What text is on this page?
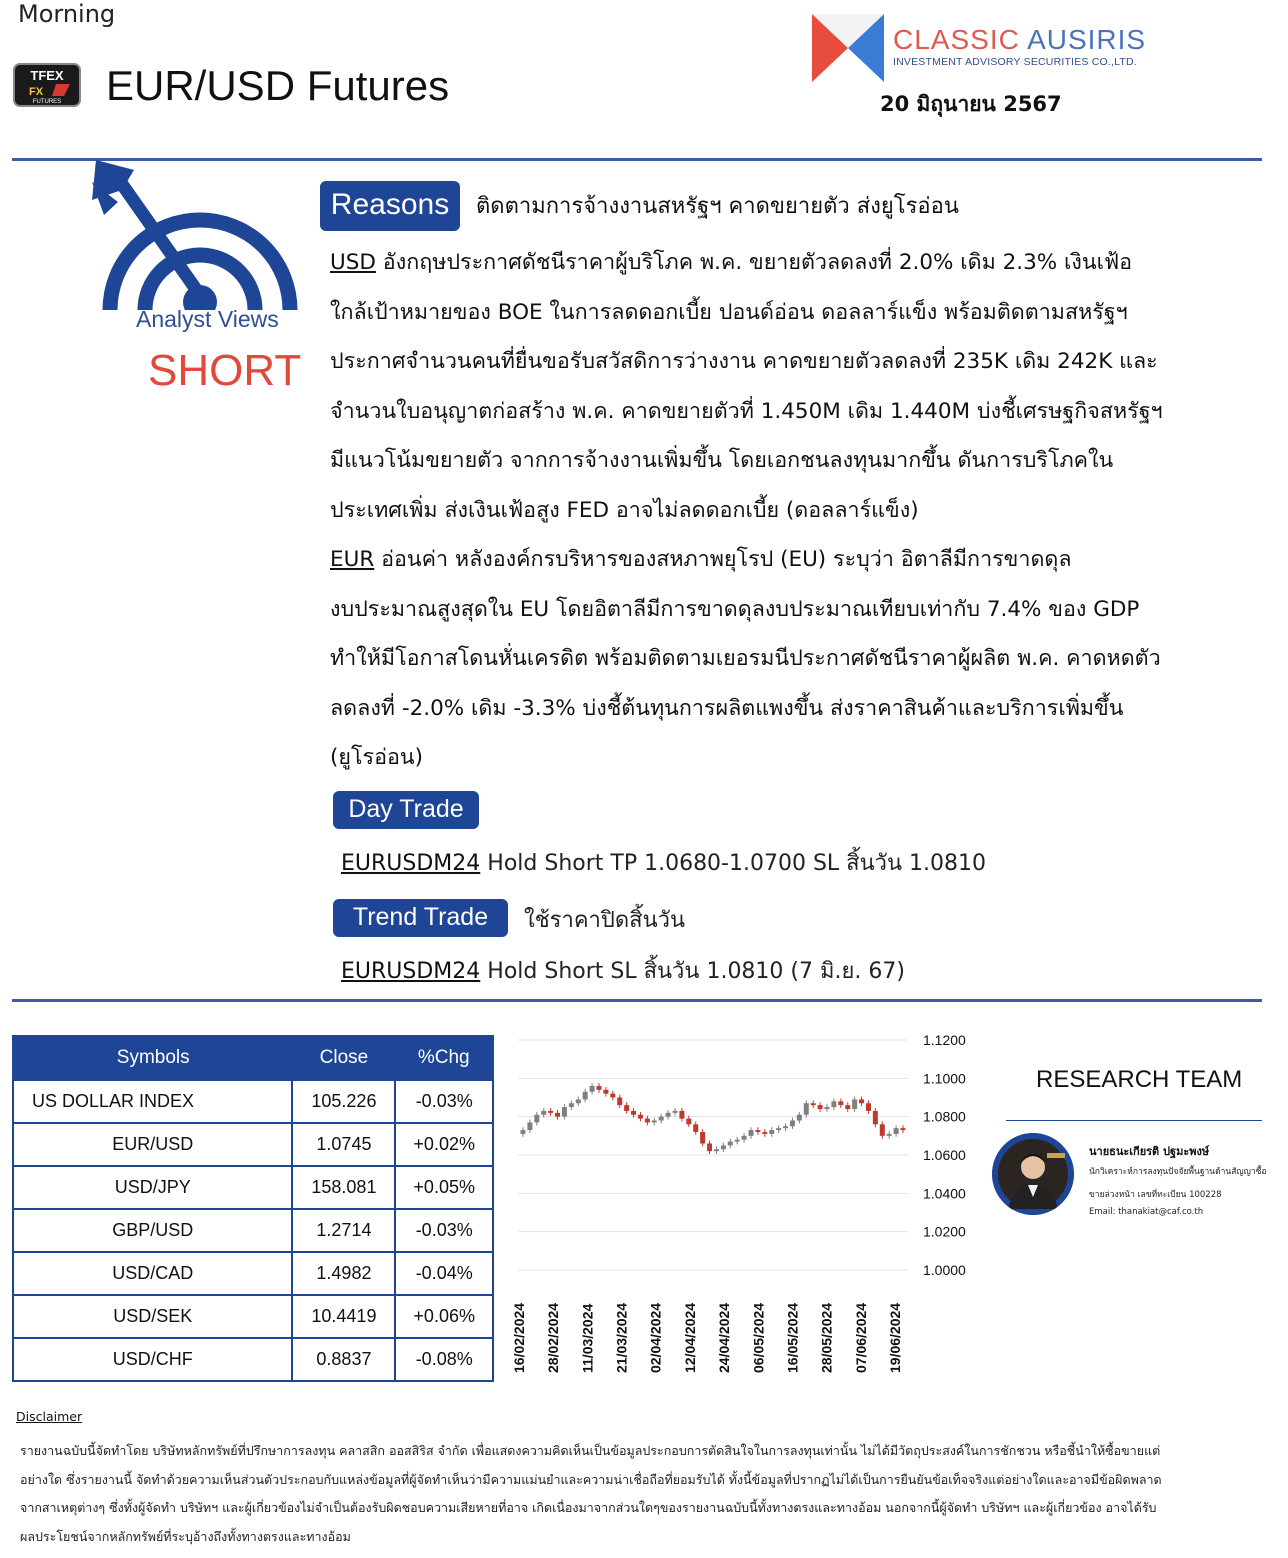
Morning
TFEX
FX
FUTURES EUR/USD Futures
CLASSIC AUSIRIS
INVESTMENT ADVISORY SECURITIES CO.,LTD.
20 มิถุนายน 2567
Analyst Views
SHORT
Reasons	ติดตามการจ้างงานสหรัฐฯ คาดขยายตัว ส่งยูโรอ่อน

USD อังกฤษประกาศดัชนีราคาผู้บริโภค พ.ค. ขยายตัวลดลงที่ 2.0% เดิม 2.3% เงินเฟ้อ

ใกล้เป้าหมายของ BOE ในการลดดอกเบี้ย ปอนด์อ่อน ดอลลาร์แข็ง พร้อมติดตามสหรัฐฯ

ประกาศจำนวนคนที่ยื่นขอรับสวัสดิการว่างงาน คาดขยายตัวลดลงที่ 235K เดิม 242K และ

จำนวนใบอนุญาตก่อสร้าง พ.ค. คาดขยายตัวที่ 1.450M เดิม 1.440M บ่งชี้เศรษฐกิจสหรัฐฯ

มีแนวโน้มขยายตัว จากการจ้างงานเพิ่มขึ้น โดยเอกชนลงทุนมากขึ้น ดันการบริโภคใน

ประเทศเพิ่ม ส่งเงินเฟ้อสูง FED อาจไม่ลดดอกเบี้ย (ดอลลาร์แข็ง)

EUR อ่อนค่า หลังองค์กรบริหารของสหภาพยุโรป (EU) ระบุว่า อิตาลีมีการขาดดุล

งบประมาณสูงสุดใน EU โดยอิตาลีมีการขาดดุลงบประมาณเทียบเท่ากับ 7.4% ของ GDP

ทำให้มีโอกาสโดนหั่นเครดิต พร้อมติดตามเยอรมนีประกาศดัชนีราคาผู้ผลิต พ.ค. คาดหดตัว

ลดลงที่ -2.0% เดิม -3.3% บ่งชี้ต้นทุนการผลิตแพงขึ้น ส่งราคาสินค้าและบริการเพิ่มขึ้น

(ยูโรอ่อน)

Day Trade
EURUSDM24 Hold Short TP 1.0680-1.0700 SL สิ้นวัน 1.0810
Trend Trade	ใช้ราคาปิดสิ้นวัน
EURUSDM24 Hold Short SL สิ้นวัน 1.0810 (7 มิ.ย. 67)
Symbols	Close	%Chg
US DOLLAR INDEX	105.226	-0.03%
EUR/USD	1.0745	+0.02%
USD/JPY	158.081	+0.05%
GBP/USD	1.2714	-0.03%
USD/CAD	1.4982	-0.04%
USD/SEK	10.4419	+0.06%
USD/CHF	0.8837	-0.08%
1.1200
1.1000
1.0800
1.0600
1.0400
1.0200
1.0000
16/02/2024 28/02/2024 11/03/2024 21/03/2024 02/04/2024 12/04/2024 24/04/2024 06/05/2024 16/05/2024 28/05/2024 07/06/2024 19/06/2024
RESEARCH TEAM
นายธนะเกียรติ ปฐมะพงษ์
นักวิเคราะห์การลงทุนปัจจัยพื้นฐานด้านสัญญาซื้อ
ขายล่วงหน้า เลขที่ทะเบียน 100228
Email: thanakiat@caf.co.th
Disclaimer
รายงานฉบับนี้จัดทำโดย บริษัทหลักทรัพย์ที่ปรึกษาการลงทุน คลาสสิก ออสสิริส จำกัด เพื่อแสดงความคิดเห็นเป็นข้อมูลประกอบการตัดสินใจในการลงทุนเท่านั้น ไม่ได้มีวัตถุประสงค์ในการชักชวน หรือชี้นำให้ซื้อขายแต่
อย่างใด ซึ่งรายงานนี้ จัดทำด้วยความเห็นส่วนตัวประกอบกับแหล่งข้อมูลที่ผู้จัดทำเห็นว่ามีความแม่นยำและความน่าเชื่อถือที่ยอมรับได้ ทั้งนี้ข้อมูลที่ปรากฏไม่ได้เป็นการยืนยันข้อเท็จจริงแต่อย่างใดและอาจมีข้อผิดพลาด
จากสาเหตุต่างๆ ซึ่งทั้งผู้จัดทำ บริษัทฯ และผู้เกี่ยวข้องไม่จำเป็นต้องรับผิดชอบความเสียหายที่อาจ เกิดเนื่องมาจากส่วนใดๆของรายงานฉบับนี้ทั้งทางตรงและทางอ้อม นอกจากนี้ผู้จัดทำ บริษัทฯ และผู้เกี่ยวข้อง อาจได้รับ
ผลประโยชน์จากหลักทรัพย์ที่ระบุอ้างถึงทั้งทางตรงและทางอ้อม
